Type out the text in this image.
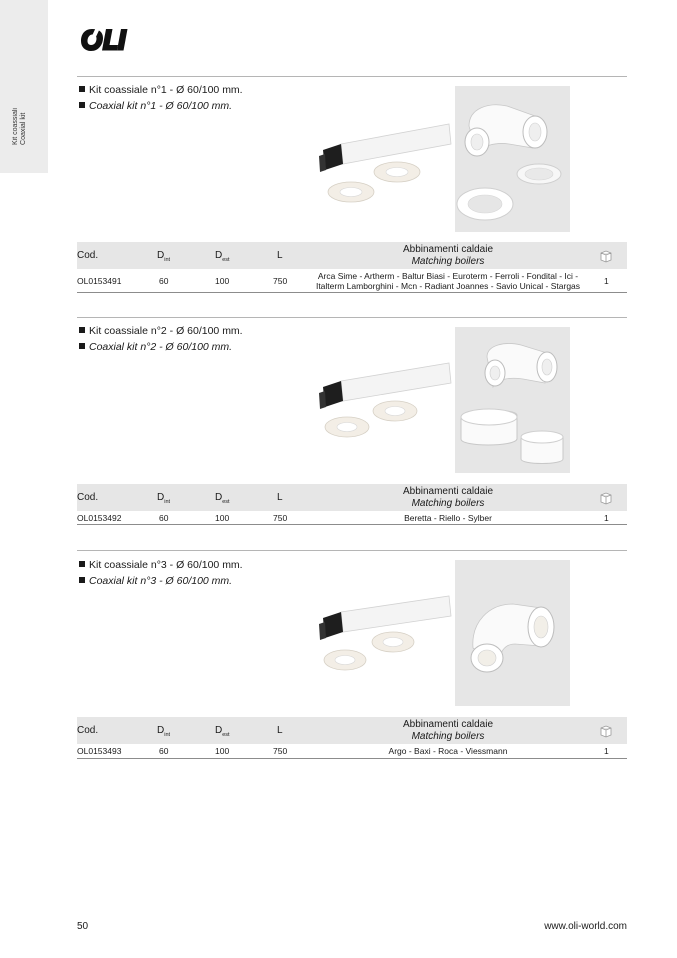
Kit coassiali Coaxial kit
Kit coassiale n°1 - Ø 60/100 mm.
Coaxial kit n°1 - Ø 60/100 mm.
Cod.	$D_{int}$	$D_{est}$	L
Abbinamenti caldaie
Matching boilers
OL0153491	60	100	750	Arca Sime - Artherm - Baltur Biasi - Euroterm - Ferroli - Fondital - Ici - Italterm Lamborghini - Mcn - Radiant Joannes - Savio Unical - Stargas	1
Kit coassiale n°2 - Ø 60/100 mm.
Coaxial kit n°2 - Ø 60/100 mm.
Cod.	$D_{int}$	$D_{est}$	L
Abbinamenti caldaie
Matching boilers
OL0153492	60	100	750	Beretta - Riello - Sylber	1
Kit coassiale n°3 - Ø 60/100 mm.
Coaxial kit n°3 - Ø 60/100 mm.
Cod.	$D_{int}$	$D_{est}$	L
Abbinamenti caldaie
Matching boilers
OL0153493	60	100	750	Argo - Baxi - Roca - Viessmann	1
50	www.oli-world.com
